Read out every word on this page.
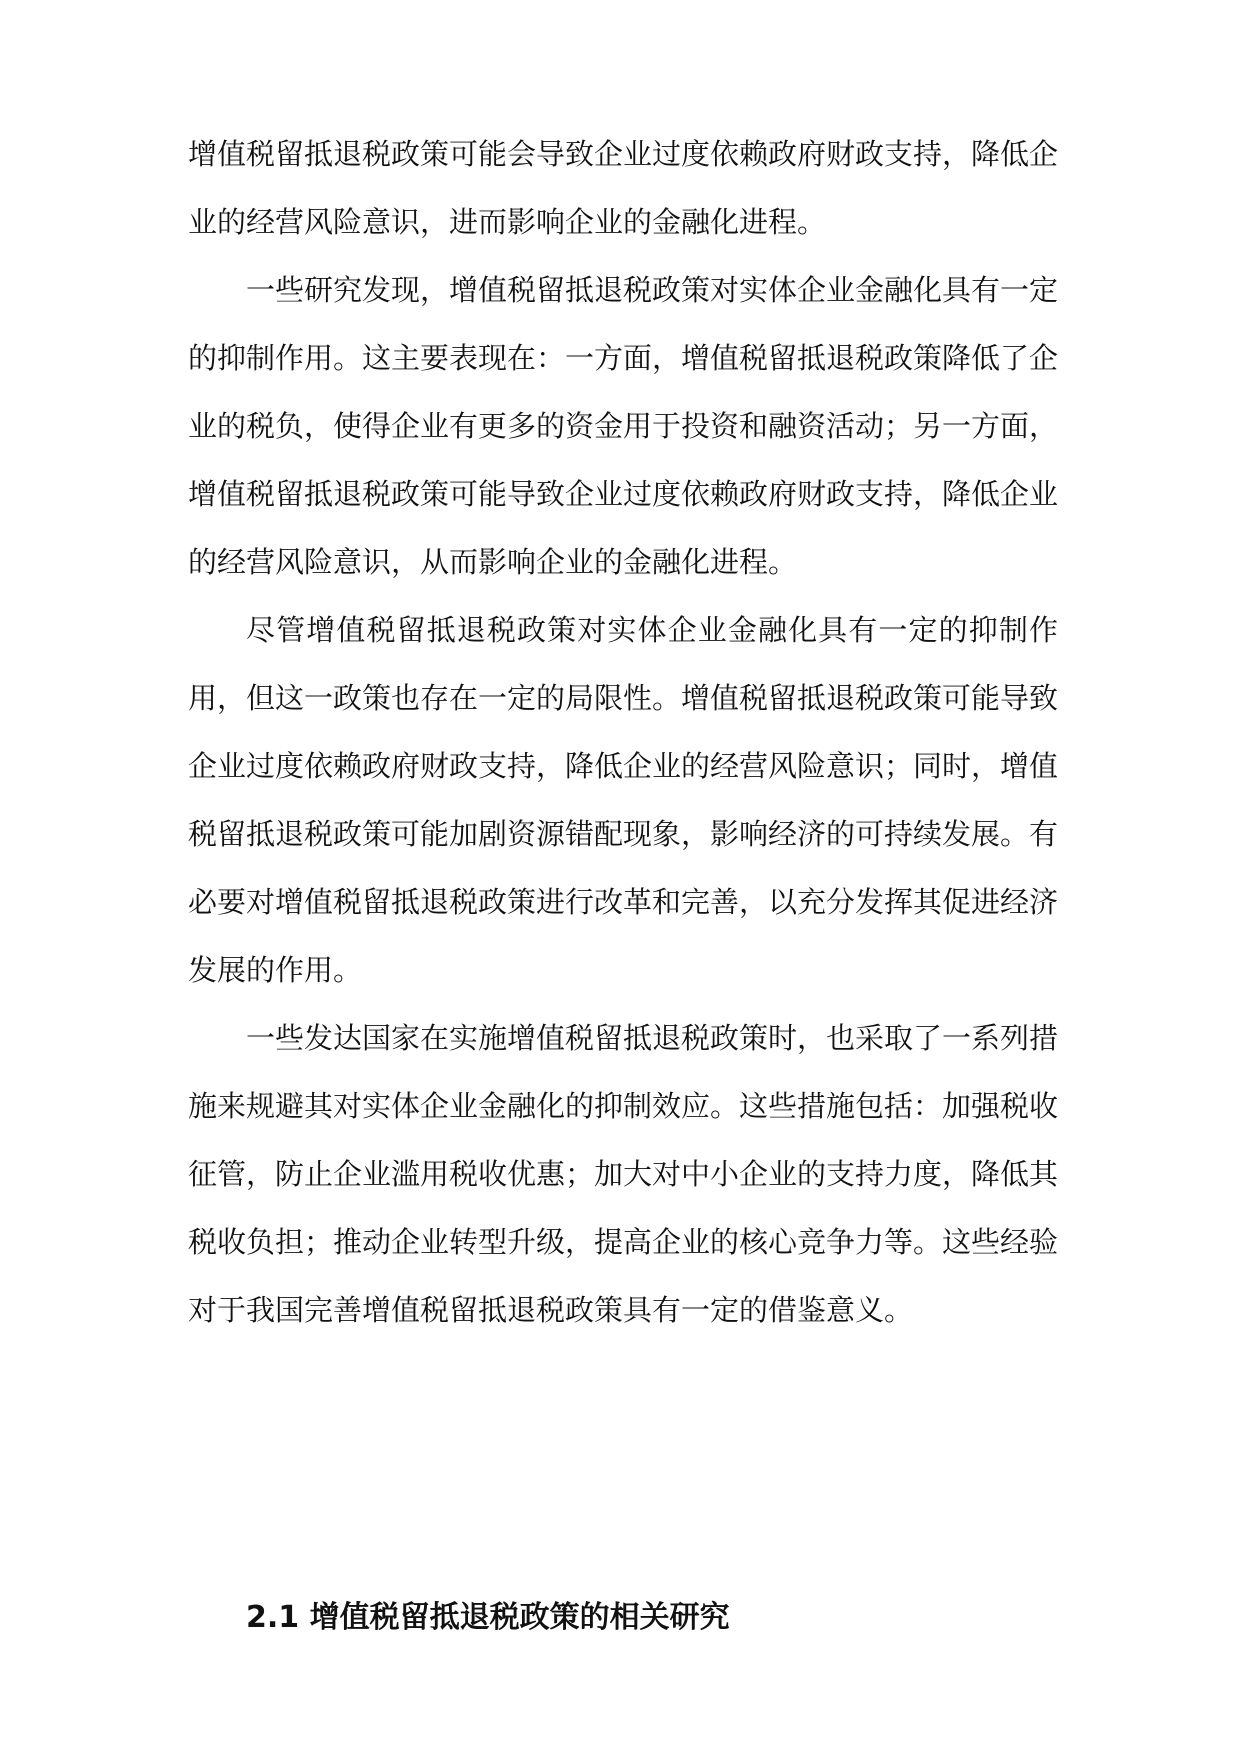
增值税留抵退税政策可能会导致企业过度依赖政府财政支持，降低企
业的经营风险意识，进而影响企业的金融化进程。
一些研究发现，增值税留抵退税政策对实体企业金融化具有一定
的抑制作用。这主要表现在：一方面，增值税留抵退税政策降低了企
业的税负，使得企业有更多的资金用于投资和融资活动；另一方面，
增值税留抵退税政策可能导致企业过度依赖政府财政支持，降低企业
的经营风险意识，从而影响企业的金融化进程。
尽管增值税留抵退税政策对实体企业金融化具有一定的抑制作
用，但这一政策也存在一定的局限性。增值税留抵退税政策可能导致
企业过度依赖政府财政支持，降低企业的经营风险意识；同时，增值
税留抵退税政策可能加剧资源错配现象，影响经济的可持续发展。有
必要对增值税留抵退税政策进行改革和完善，以充分发挥其促进经济
发展的作用。
一些发达国家在实施增值税留抵退税政策时，也采取了一系列措
施来规避其对实体企业金融化的抑制效应。这些措施包括：加强税收
征管，防止企业滥用税收优惠；加大对中小企业的支持力度，降低其
税收负担；推动企业转型升级，提高企业的核心竞争力等。这些经验
对于我国完善增值税留抵退税政策具有一定的借鉴意义。
2.1 增值税留抵退税政策的相关研究
